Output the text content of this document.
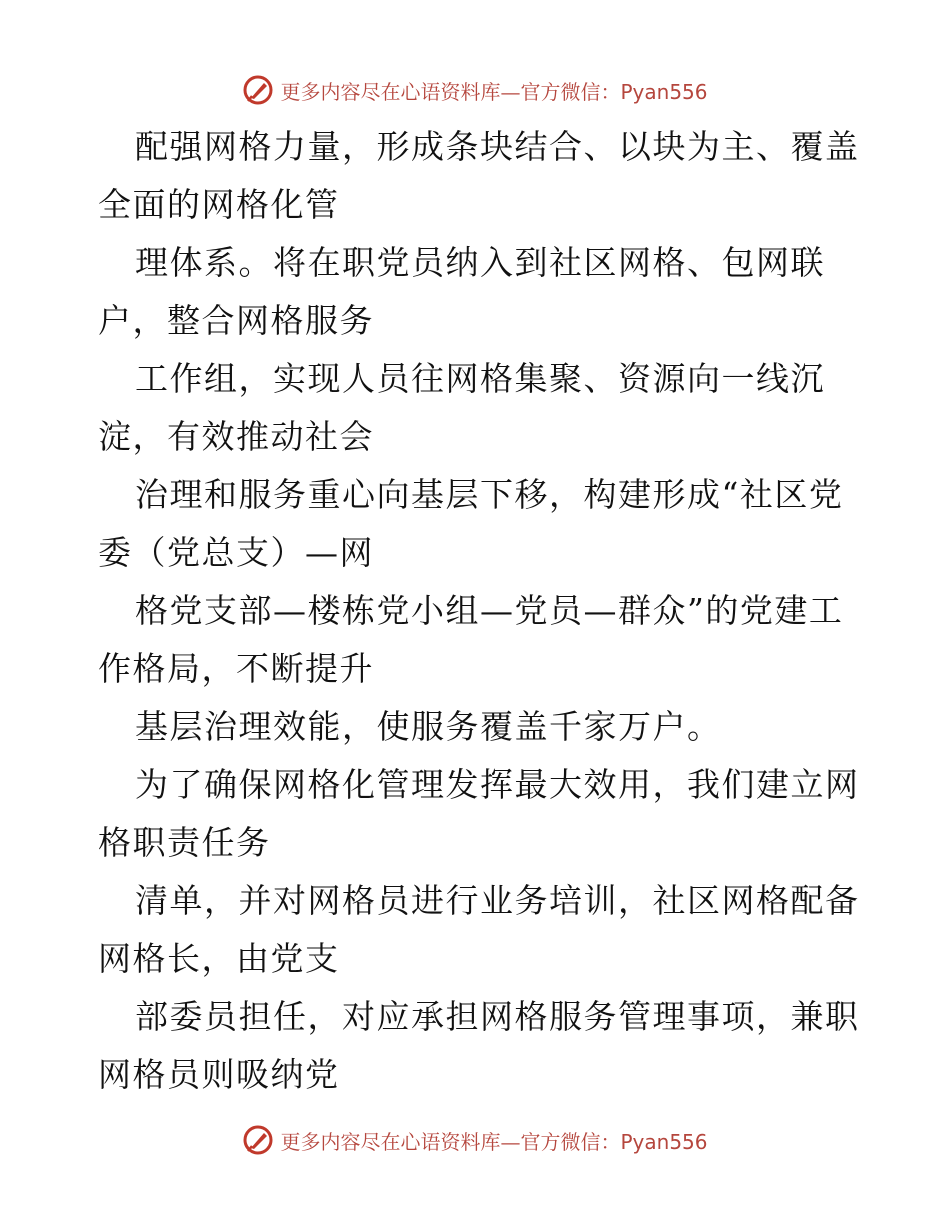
更多内容尽在心语资料库—官方微信：Pyan556
配强网格力量，形成条块结合、以块为主、覆盖
全面的网格化管
理体系。将在职党员纳入到社区网格、包网联
户，整合网格服务
工作组，实现人员往网格集聚、资源向一线沉
淀，有效推动社会
治理和服务重心向基层下移，构建形成“社区党
委（党总支）—网
格党支部—楼栋党小组—党员—群众”的党建工
作格局，不断提升
基层治理效能，使服务覆盖千家万户。
为了确保网格化管理发挥最大效用，我们建立网
格职责任务
清单，并对网格员进行业务培训，社区网格配备
网格长，由党支
部委员担任，对应承担网格服务管理事项，兼职
网格员则吸纳党
更多内容尽在心语资料库—官方微信：Pyan556
